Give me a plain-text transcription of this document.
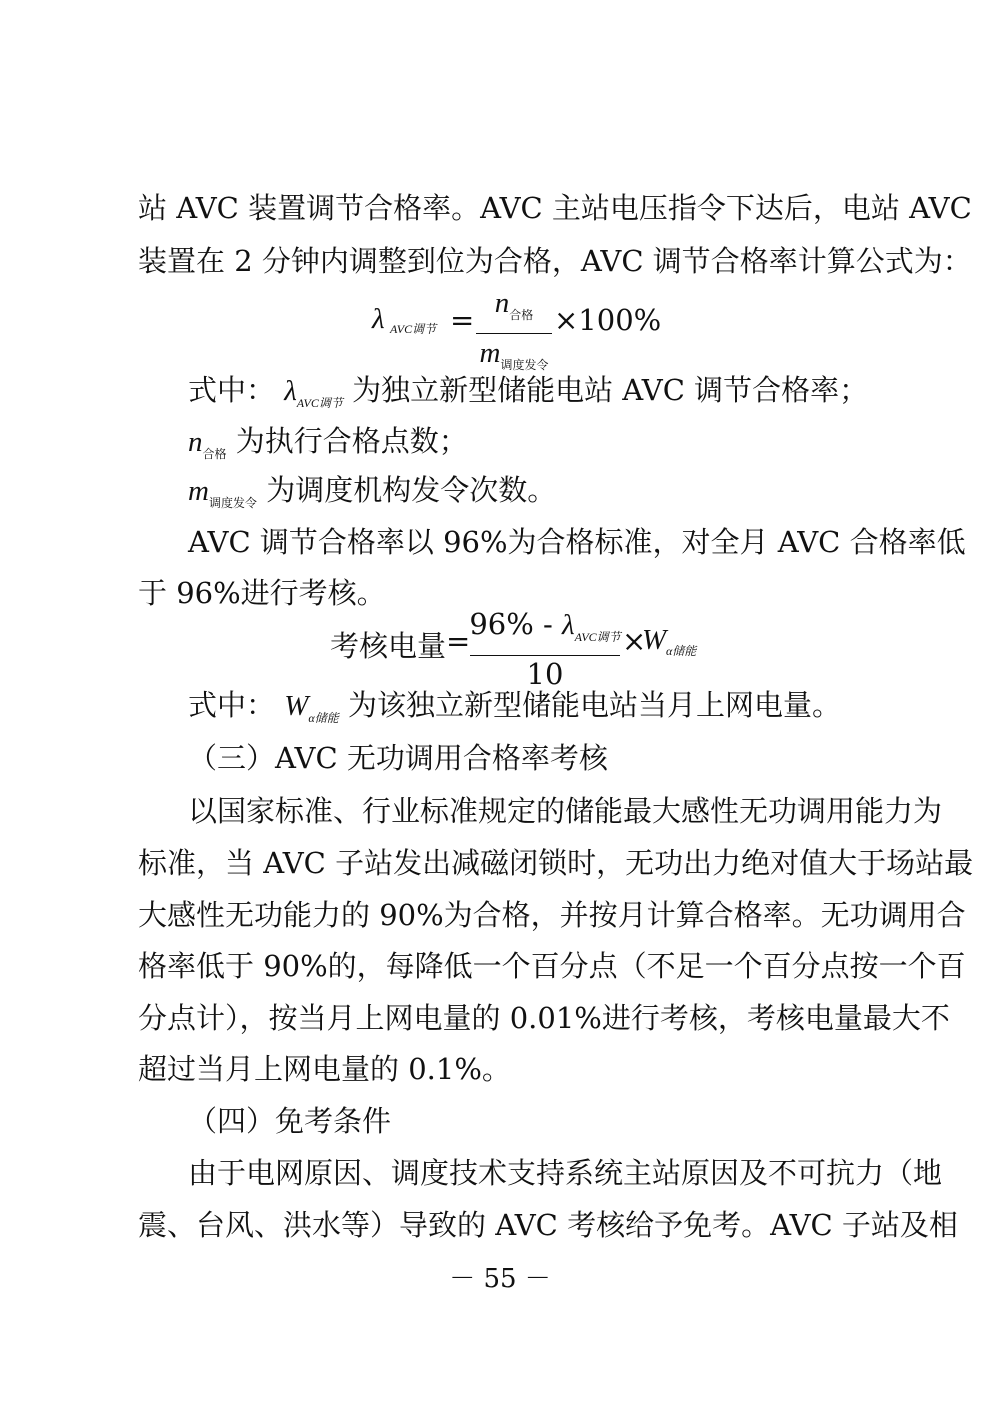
站 AVC 装置调节合格率。AVC 主站电压指令下达后，电站 AVC
装置在 2 分钟内调整到位为合格，AVC 调节合格率计算公式为：
λ AVC调节 = $n_{合格}$
$m_{调度发令}$
×100%
式中： $\lambda_{AVC调节}$ 为独立新型储能电站 AVC 调节合格率；
$n_{合格}$ 为执行合格点数；
$m_{调度发令}$ 为调度机构发令次数。
AVC 调节合格率以 96%为合格标准，对全月 AVC 合格率低
于 96%进行考核。
考核电量 = $96\% - \lambda_{AVC调节}$
10
×
W α储能
式中： $W_{\alpha 储能}$ 为该独立新型储能电站当月上网电量。
（三）AVC 无功调用合格率考核
以国家标准、行业标准规定的储能最大感性无功调用能力为
标准，当 AVC 子站发出减磁闭锁时，无功出力绝对值大于场站最
大感性无功能力的 90%为合格，并按月计算合格率。无功调用合
格率低于 90%的，每降低一个百分点（不足一个百分点按一个百
分点计），按当月上网电量的 0.01%进行考核，考核电量最大不
超过当月上网电量的 0.1%。
（四）免考条件
由于电网原因、调度技术支持系统主站原因及不可抗力（地
震、台风、洪水等）导致的 AVC 考核给予免考。AVC 子站及相
－ 55 －
